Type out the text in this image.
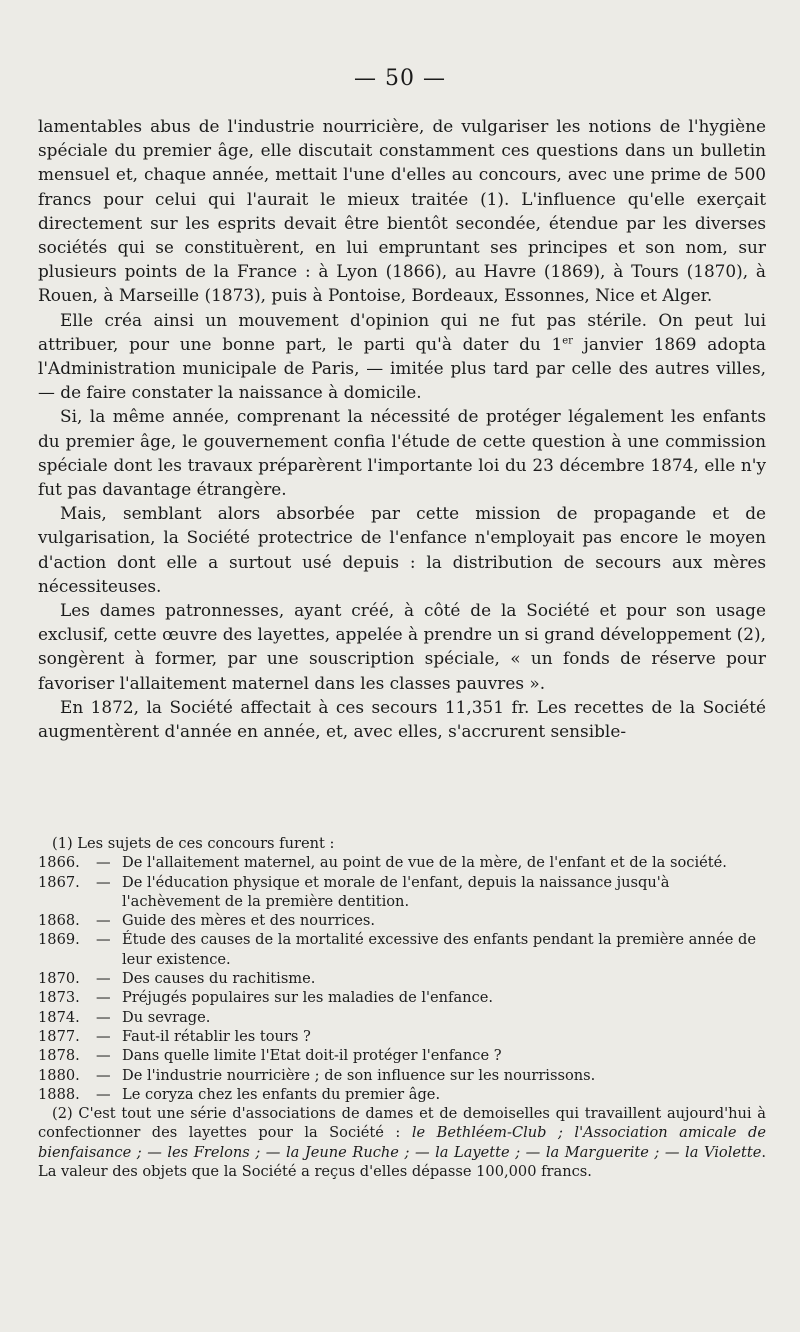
— 50 —

lamentables abus de l'industrie nourricière, de vulgariser les notions de l'hygiène spéciale du premier âge, elle discutait constamment ces questions dans un bulletin mensuel et, chaque année, mettait l'une d'elles au concours, avec une prime de 500 francs pour celui qui l'aurait le mieux traitée (1). L'influence qu'elle exerçait directement sur les esprits devait être bientôt secondée, étendue par les diverses sociétés qui se constituèrent, en lui empruntant ses principes et son nom, sur plusieurs points de la France : à Lyon (1866), au Havre (1869), à Tours (1870), à Rouen, à Marseille (1873), puis à Pontoise, Bordeaux, Essonnes, Nice et Alger.

Elle créa ainsi un mouvement d'opinion qui ne fut pas stérile. On peut lui attribuer, pour une bonne part, le parti qu'à dater du 1er janvier 1869 adopta l'Administration municipale de Paris, — imitée plus tard par celle des autres villes, — de faire constater la naissance à domicile.

Si, la même année, comprenant la nécessité de protéger légalement les enfants du premier âge, le gouvernement confia l'étude de cette question à une commission spéciale dont les travaux préparèrent l'importante loi du 23 décembre 1874, elle n'y fut pas davantage étrangère.

Mais, semblant alors absorbée par cette mission de propagande et de vulgarisation, la Société protectrice de l'enfance n'employait pas encore le moyen d'action dont elle a surtout usé depuis : la distribution de secours aux mères nécessiteuses.

Les dames patronnesses, ayant créé, à côté de la Société et pour son usage exclusif, cette œuvre des layettes, appelée à prendre un si grand développement (2), songèrent à former, par une souscription spéciale, « un fonds de réserve pour favoriser l'allaitement maternel dans les classes pauvres ».

En 1872, la Société affectait à ces secours 11,351 fr. Les recettes de la Société augmentèrent d'année en année, et, avec elles, s'accrurent sensible-

(1) Les sujets de ces concours furent :

1866.	— De l'allaitement maternel, au point de vue de la mère, de l'enfant et de la société.
1867.	— De l'éducation physique et morale de l'enfant, depuis la naissance jusqu'à l'achèvement de la première dentition.
1868.	— Guide des mères et des nourrices.
1869.	— Étude des causes de la mortalité excessive des enfants pendant la première année de leur existence.
1870.	— Des causes du rachitisme.
1873.	— Préjugés populaires sur les maladies de l'enfance.
1874.	— Du sevrage.
1877.	— Faut-il rétablir les tours ?
1878.	— Dans quelle limite l'Etat doit-il protéger l'enfance ?
1880.	— De l'industrie nourricière ; de son influence sur les nourrissons.
1888.	— Le coryza chez les enfants du premier âge.

(2) C'est tout une série d'associations de dames et de demoiselles qui travaillent aujourd'hui à confectionner des layettes pour la Société : le Bethléem-Club ; l'Association amicale de bienfaisance ; — les Frelons ; — la Jeune Ruche ; — la Layette ; — la Marguerite ; — la Violette. La valeur des objets que la Société a reçus d'elles dépasse 100,000 francs.
